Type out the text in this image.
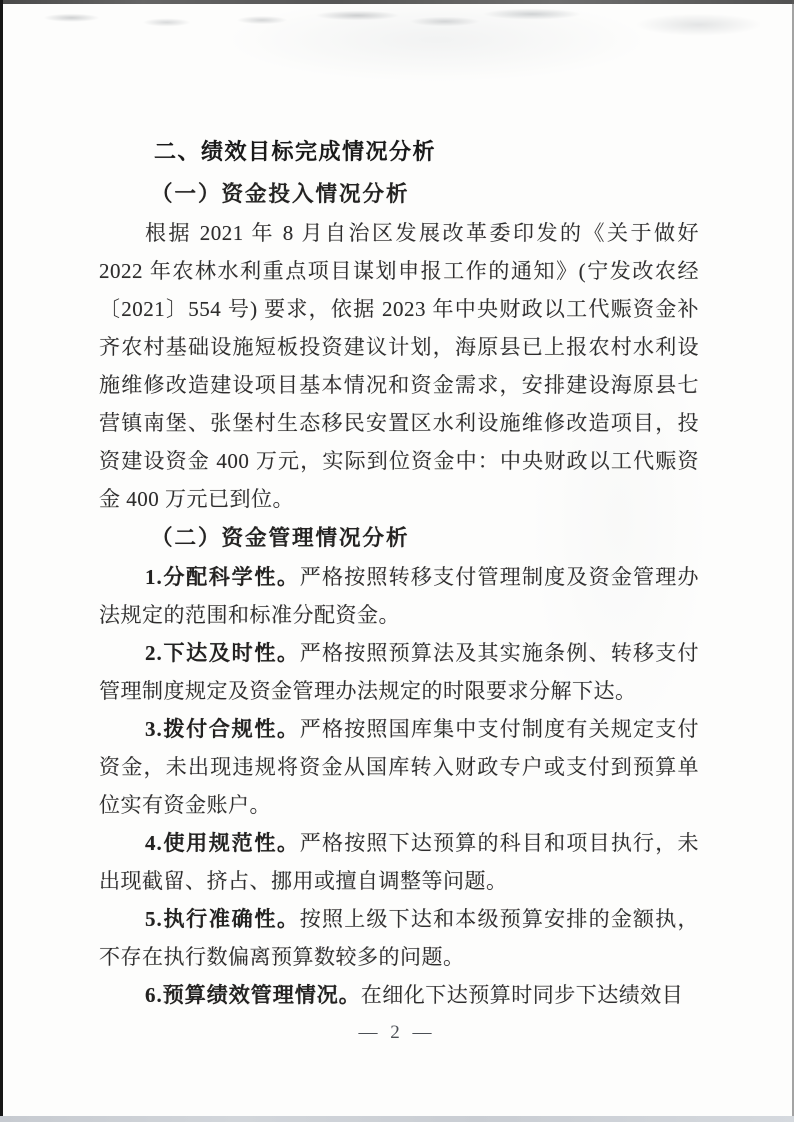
二、绩效目标完成情况分析
（一）资金投入情况分析

根据 2021 年 8 月自治区发展改革委印发的《关于做好 2022 年农林水利重点项目谋划申报工作的通知》(宁发改农经〔2021〕554 号) 要求，依据 2023 年中央财政以工代赈资金补齐农村基础设施短板投资建议计划，海原县已上报农村水利设施维修改造建设项目基本情况和资金需求，安排建设海原县七营镇南堡、张堡村生态移民安置区水利设施维修改造项目，投资建设资金 400 万元，实际到位资金中：中央财政以工代赈资金 400 万元已到位。

（二）资金管理情况分析

1.分配科学性。严格按照转移支付管理制度及资金管理办法规定的范围和标准分配资金。

2.下达及时性。严格按照预算法及其实施条例、转移支付管理制度规定及资金管理办法规定的时限要求分解下达。

3.拨付合规性。严格按照国库集中支付制度有关规定支付资金，未出现违规将资金从国库转入财政专户或支付到预算单位实有资金账户。

4.使用规范性。严格按照下达预算的科目和项目执行，未出现截留、挤占、挪用或擅自调整等问题。

5.执行准确性。按照上级下达和本级预算安排的金额执，不存在执行数偏离预算数较多的问题。

6.预算绩效管理情况。在细化下达预算时同步下达绩效目

— 2 —
